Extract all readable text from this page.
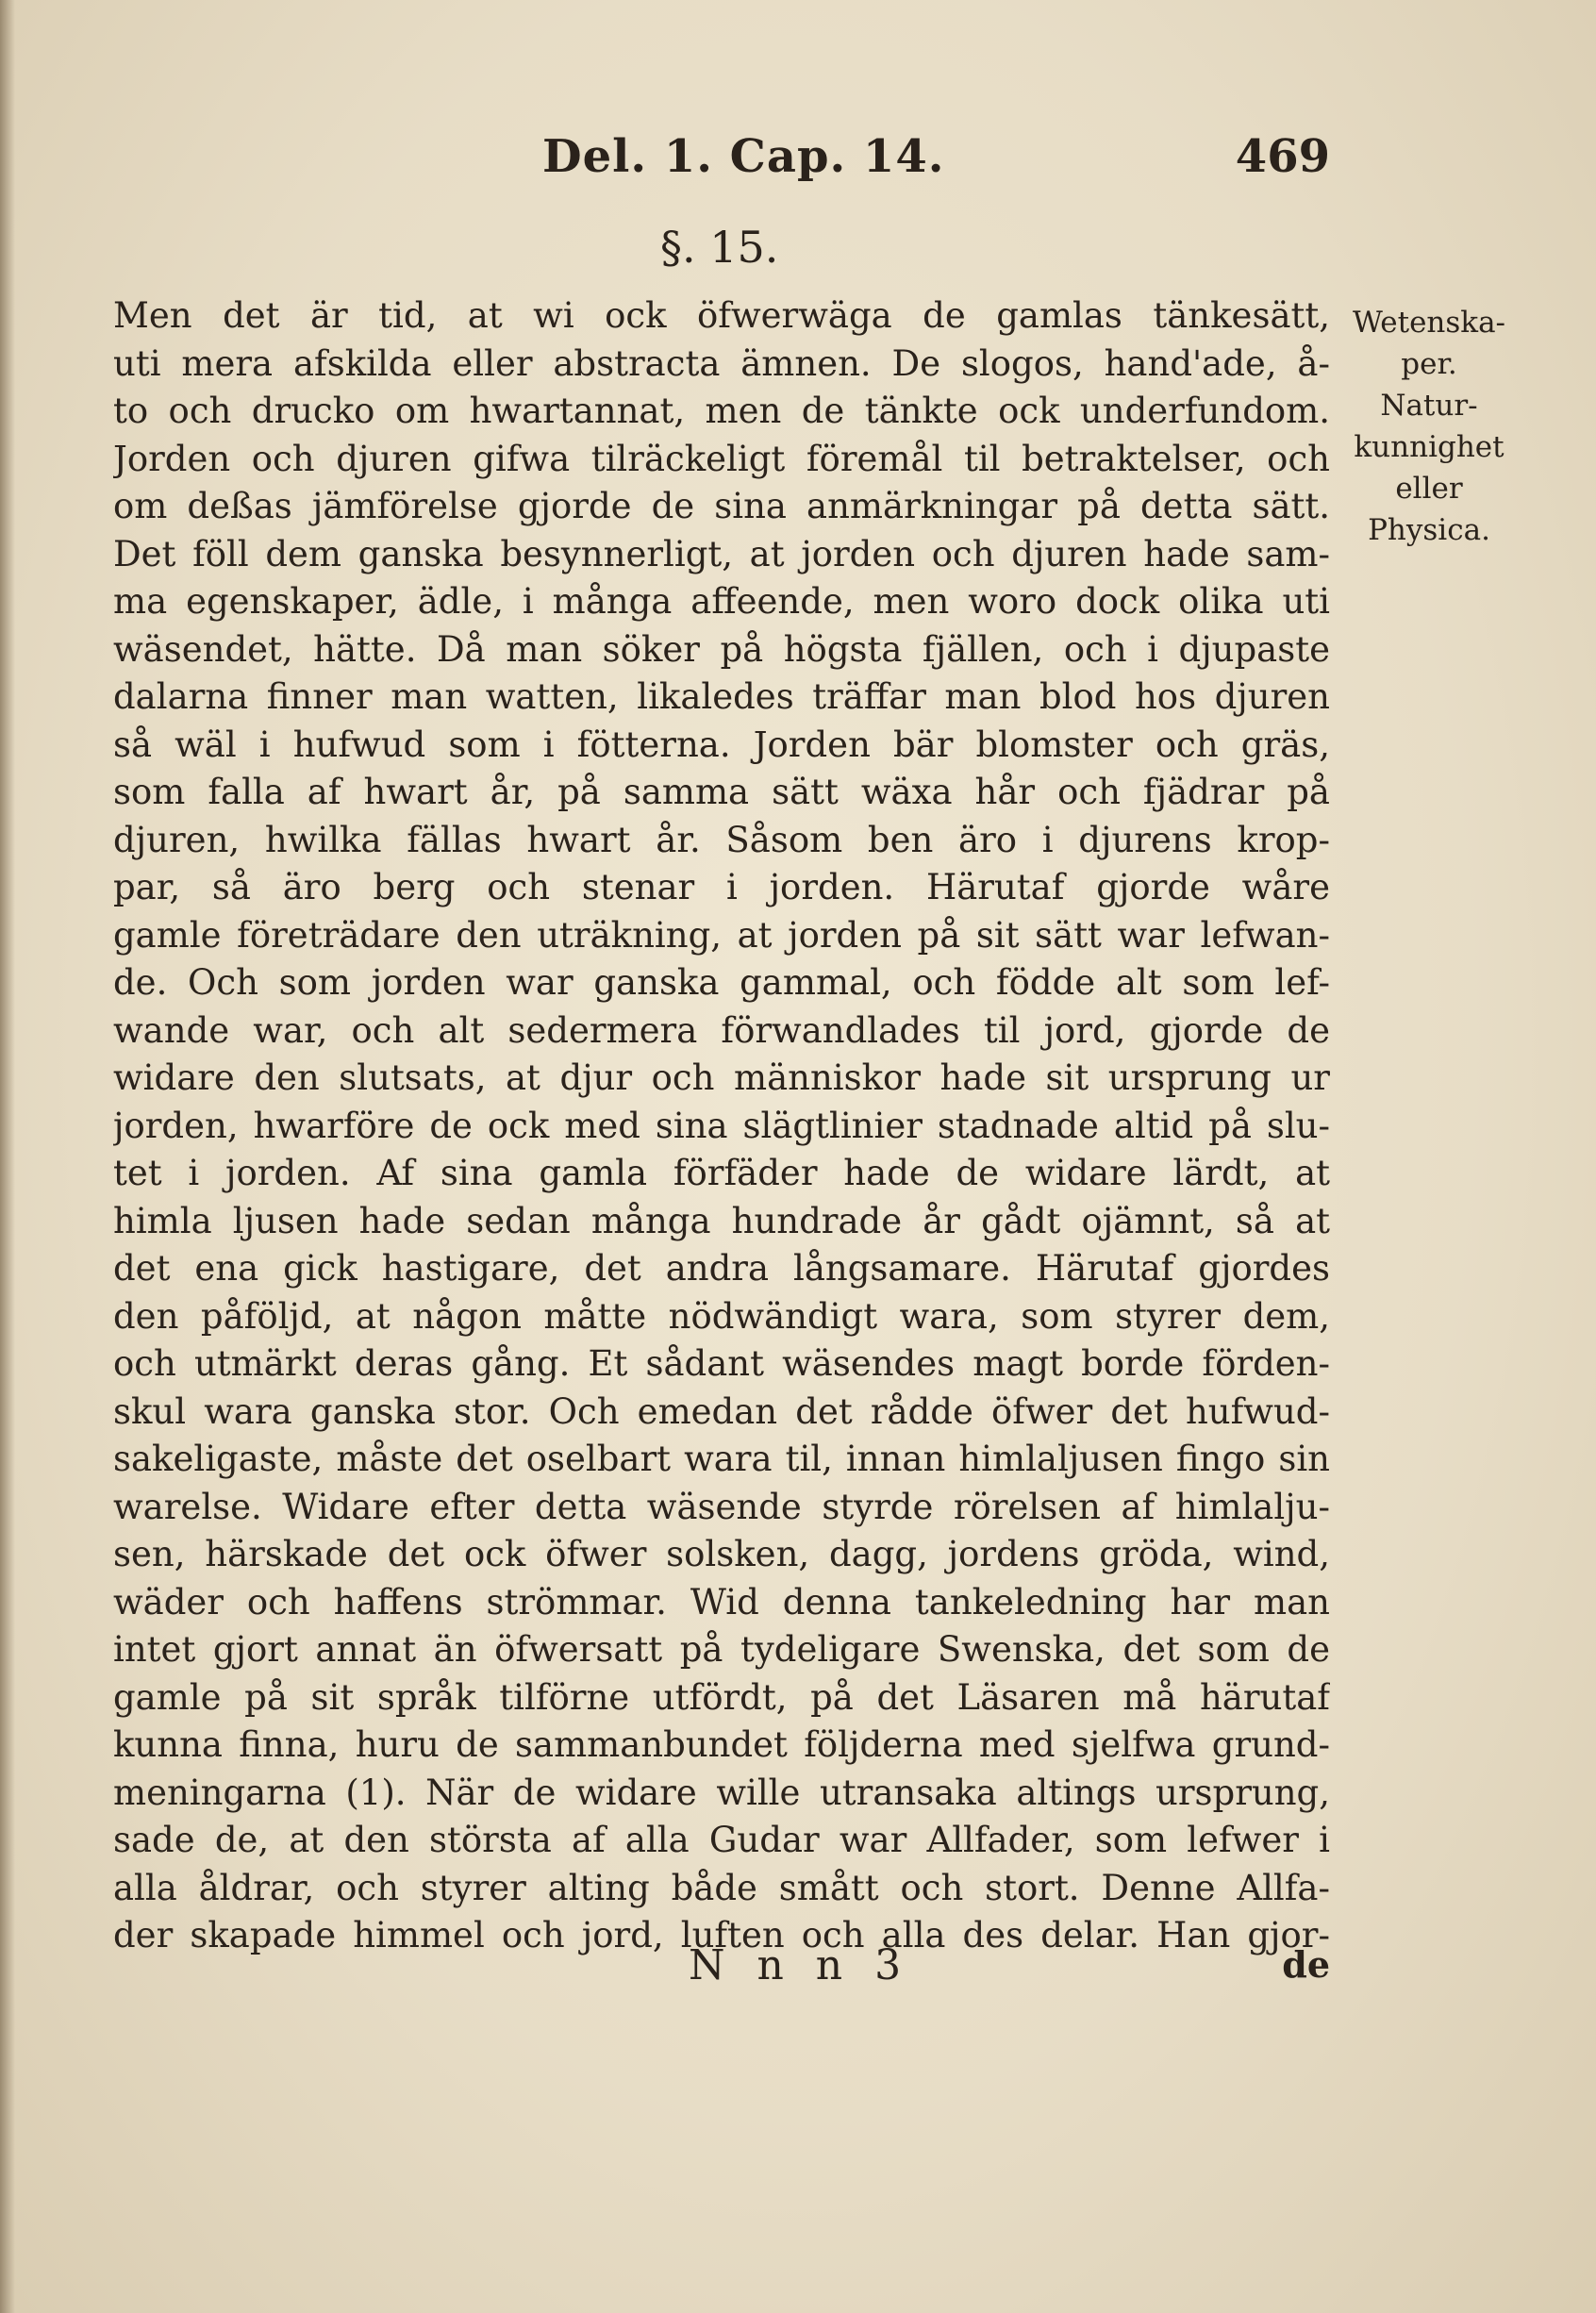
Del. 1. Cap. 14.	469
§. 15.
Men det är tid, at wi ock öfwerwäga de gamlas tänkesätt,
uti mera afskilda eller abstracta ämnen. De slogos, hand'ade, å-
to och drucko om hwartannat, men de tänkte ock underfundom.
Jorden och djuren gifwa tilräckeligt föremål til betraktelser, och
om deßas jämförelse gjorde de sina anmärkningar på detta sätt.
Det föll dem ganska besynnerligt, at jorden och djuren hade sam-
ma egenskaper, ädle, i många affeende, men woro dock olika uti
wäsendet, hätte. Då man söker på högsta fjällen, och i djupaste
dalarna finner man watten, likaledes träffar man blod hos djuren
så wäl i hufwud som i fötterna. Jorden bär blomster och gräs,
som falla af hwart år, på samma sätt wäxa hår och fjädrar på
djuren, hwilka fällas hwart år. Såsom ben äro i djurens krop-
par, så äro berg och stenar i jorden. Härutaf gjorde wåre
gamle företrädare den uträkning, at jorden på sit sätt war lefwan-
de. Och som jorden war ganska gammal, och födde alt som lef-
wande war, och alt sedermera förwandlades til jord, gjorde de
widare den slutsats, at djur och människor hade sit ursprung ur
jorden, hwarföre de ock med sina slägtlinier stadnade altid på slu-
tet i jorden. Af sina gamla förfäder hade de widare lärdt, at
himla ljusen hade sedan många hundrade år gådt ojämnt, så at
det ena gick hastigare, det andra långsamare. Härutaf gjordes
den påföljd, at någon måtte nödwändigt wara, som styrer dem,
och utmärkt deras gång. Et sådant wäsendes magt borde förden-
skul wara ganska stor. Och emedan det rådde öfwer det hufwud-
sakeligaste, måste det oselbart wara til, innan himlaljusen fingo sin
warelse. Widare efter detta wäsende styrde rörelsen af himlalju-
sen, härskade det ock öfwer solsken, dagg, jordens gröda, wind,
wäder och haffens strömmar. Wid denna tankeledning har man
intet gjort annat än öfwersatt på tydeligare Swenska, det som de
gamle på sit språk tilförne utfördt, på det Läsaren må härutaf
kunna finna, huru de sammanbundet följderna med sjelfwa grund-
meningarna (1). När de widare wille utransaka altings ursprung,
sade de, at den största af alla Gudar war Allfader, som lefwer i
alla åldrar, och styrer alting både smått och stort. Denne Allfa-
der skapade himmel och jord, luften och alla des delar. Han gjor-
Wetenska-
per.
Natur-
kunnighet
eller
Physica.
N n n 3	de
